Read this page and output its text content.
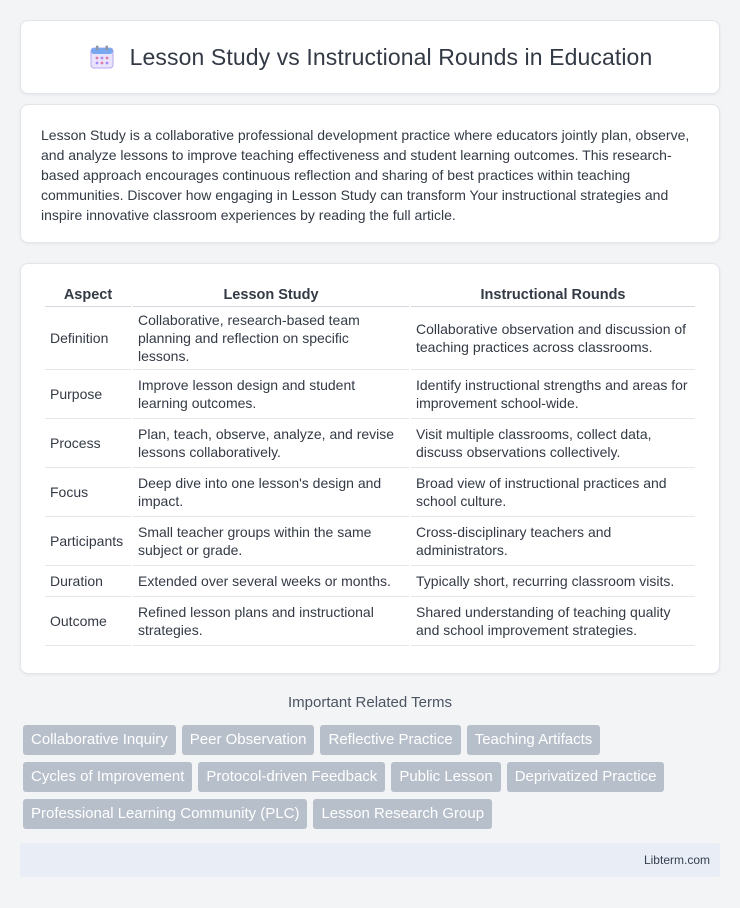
Lesson Study vs Instructional Rounds in Education

Lesson Study is a collaborative professional development practice where educators jointly plan, observe, and analyze lessons to improve teaching effectiveness and student learning outcomes. This research-based approach encourages continuous reflection and sharing of best practices within teaching communities. Discover how engaging in Lesson Study can transform Your instructional strategies and inspire innovative classroom experiences by reading the full article.

Aspect	Lesson Study	Instructional Rounds
Definition	Collaborative, research-based team planning and reflection on specific lessons.	Collaborative observation and discussion of teaching practices across classrooms.
Purpose	Improve lesson design and student learning outcomes.	Identify instructional strengths and areas for improvement school-wide.
Process	Plan, teach, observe, analyze, and revise lessons collaboratively.	Visit multiple classrooms, collect data, discuss observations collectively.
Focus	Deep dive into one lesson's design and impact.	Broad view of instructional practices and school culture.
Participants	Small teacher groups within the same subject or grade.	Cross-disciplinary teachers and administrators.
Duration	Extended over several weeks or months.	Typically short, recurring classroom visits.
Outcome	Refined lesson plans and instructional strategies.	Shared understanding of teaching quality and school improvement strategies.
Important Related Terms
Collaborative Inquiry	Peer Observation	Reflective Practice	Teaching Artifacts
Cycles of Improvement	Protocol-driven Feedback	Public Lesson	Deprivatized Practice
Professional Learning Community (PLC)	Lesson Research Group
Libterm.com
